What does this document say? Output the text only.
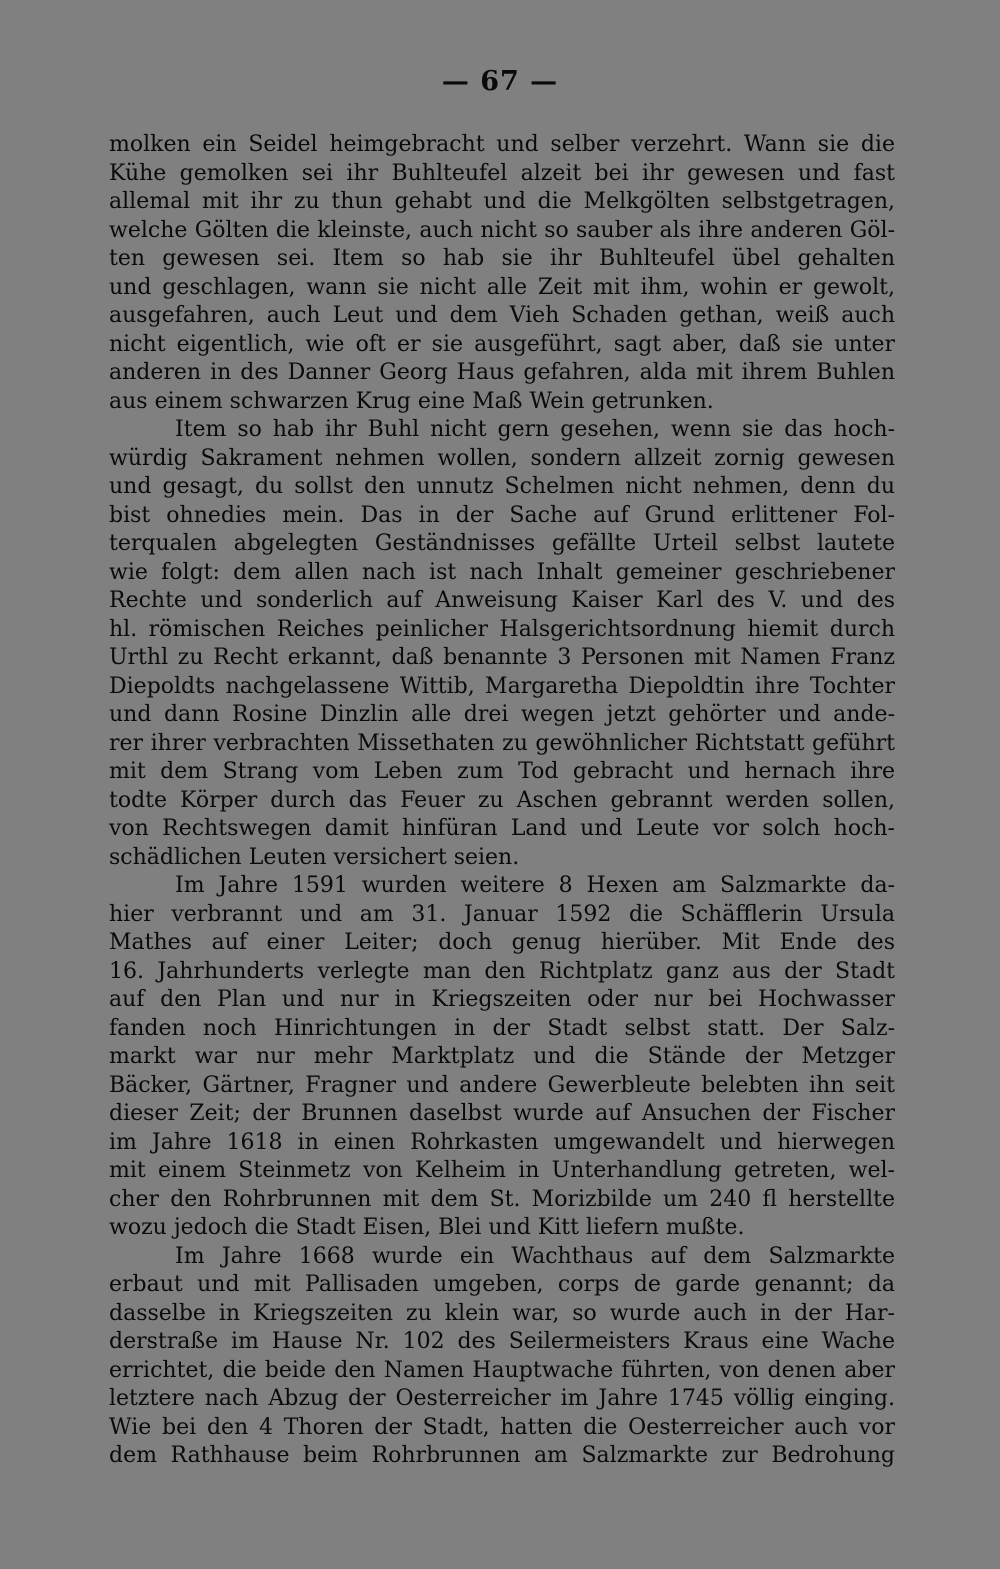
— 67 —
molken ein Seidel heimgebracht und selber verzehrt. Wann sie die
Kühe gemolken sei ihr Buhlteufel alzeit bei ihr gewesen und fast
allemal mit ihr zu thun gehabt und die Melkgölten selbstgetragen,
welche Gölten die kleinste, auch nicht so sauber als ihre anderen Göl-
ten gewesen sei. Item so hab sie ihr Buhlteufel übel gehalten
und geschlagen, wann sie nicht alle Zeit mit ihm, wohin er gewolt,
ausgefahren, auch Leut und dem Vieh Schaden gethan, weiß auch
nicht eigentlich, wie oft er sie ausgeführt, sagt aber, daß sie unter
anderen in des Danner Georg Haus gefahren, alda mit ihrem Buhlen
aus einem schwarzen Krug eine Maß Wein getrunken.
Item so hab ihr Buhl nicht gern gesehen, wenn sie das hoch-
würdig Sakrament nehmen wollen, sondern allzeit zornig gewesen
und gesagt, du sollst den unnutz Schelmen nicht nehmen, denn du
bist ohnedies mein. Das in der Sache auf Grund erlittener Fol-
terqualen abgelegten Geständnisses gefällte Urteil selbst lautete
wie folgt: dem allen nach ist nach Inhalt gemeiner geschriebener
Rechte und sonderlich auf Anweisung Kaiser Karl des V. und des
hl. römischen Reiches peinlicher Halsgerichtsordnung hiemit durch
Urthl zu Recht erkannt, daß benannte 3 Personen mit Namen Franz
Diepoldts nachgelassene Wittib, Margaretha Diepoldtin ihre Tochter
und dann Rosine Dinzlin alle drei wegen jetzt gehörter und ande-
rer ihrer verbrachten Missethaten zu gewöhnlicher Richtstatt geführt
mit dem Strang vom Leben zum Tod gebracht und hernach ihre
todte Körper durch das Feuer zu Aschen gebrannt werden sollen,
von Rechtswegen damit hinfüran Land und Leute vor solch hoch-
schädlichen Leuten versichert seien.
Im Jahre 1591 wurden weitere 8 Hexen am Salzmarkte da-
hier verbrannt und am 31. Januar 1592 die Schäfflerin Ursula
Mathes auf einer Leiter; doch genug hierüber. Mit Ende des
16. Jahrhunderts verlegte man den Richtplatz ganz aus der Stadt
auf den Plan und nur in Kriegszeiten oder nur bei Hochwasser
fanden noch Hinrichtungen in der Stadt selbst statt. Der Salz-
markt war nur mehr Marktplatz und die Stände der Metzger
Bäcker, Gärtner, Fragner und andere Gewerbleute belebten ihn seit
dieser Zeit; der Brunnen daselbst wurde auf Ansuchen der Fischer
im Jahre 1618 in einen Rohrkasten umgewandelt und hierwegen
mit einem Steinmetz von Kelheim in Unterhandlung getreten, wel-
cher den Rohrbrunnen mit dem St. Morizbilde um 240 fl herstellte
wozu jedoch die Stadt Eisen, Blei und Kitt liefern mußte.
Im Jahre 1668 wurde ein Wachthaus auf dem Salzmarkte
erbaut und mit Pallisaden umgeben, corps de garde genannt; da
dasselbe in Kriegszeiten zu klein war, so wurde auch in der Har-
derstraße im Hause Nr. 102 des Seilermeisters Kraus eine Wache
errichtet, die beide den Namen Hauptwache führten, von denen aber
letztere nach Abzug der Oesterreicher im Jahre 1745 völlig einging.
Wie bei den 4 Thoren der Stadt, hatten die Oesterreicher auch vor
dem Rathhause beim Rohrbrunnen am Salzmarkte zur Bedrohung
